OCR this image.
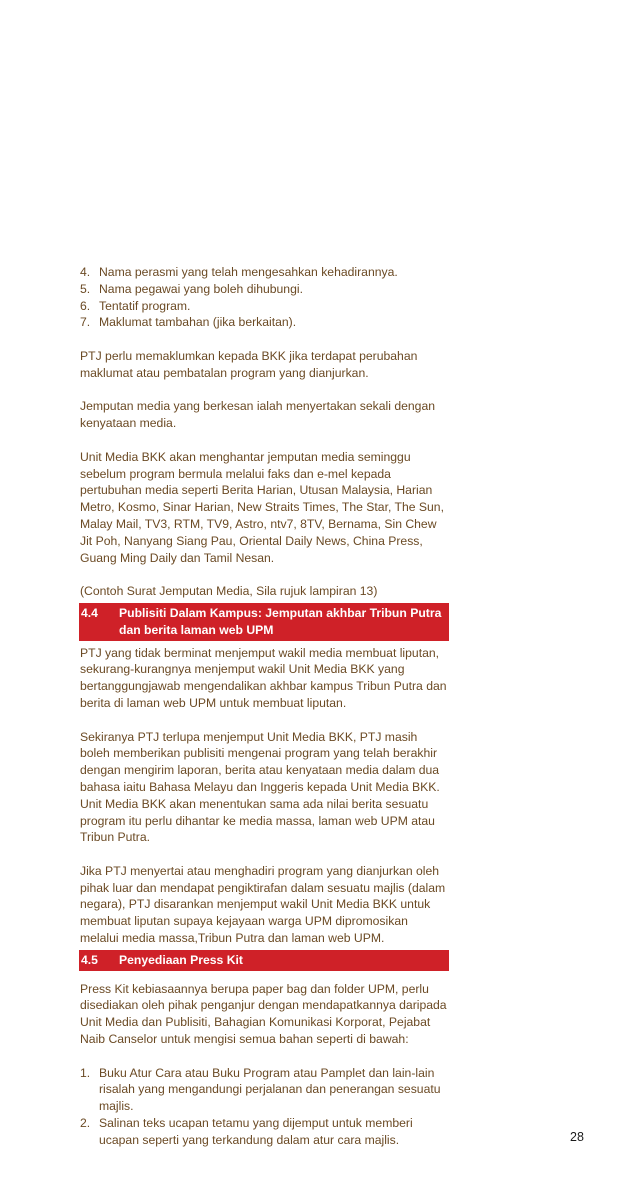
4. Nama perasmi yang telah mengesahkan kehadirannya.
5. Nama pegawai yang boleh dihubungi.
6. Tentatif program.
7. Maklumat tambahan (jika berkaitan).

PTJ perlu memaklumkan kepada BKK jika terdapat perubahan maklumat atau pembatalan program yang dianjurkan.

Jemputan media yang berkesan ialah menyertakan sekali dengan kenyataan media.

Unit Media BKK akan menghantar jemputan media seminggu sebelum program bermula melalui faks dan e-mel kepada pertubuhan media seperti Berita Harian, Utusan Malaysia, Harian Metro, Kosmo, Sinar Harian, New Straits Times, The Star, The Sun, Malay Mail, TV3, RTM, TV9, Astro, ntv7, 8TV, Bernama, Sin Chew Jit Poh, Nanyang Siang Pau, Oriental Daily News, China Press, Guang Ming Daily dan Tamil Nesan.

(Contoh Surat Jemputan Media, Sila rujuk lampiran 13)

4.4 Publisiti Dalam Kampus: Jemputan akhbar Tribun Putra dan berita laman web UPM

PTJ yang tidak berminat menjemput wakil media membuat liputan, sekurang-kurangnya menjemput wakil Unit Media BKK yang bertanggungjawab mengendalikan akhbar kampus Tribun Putra dan berita di laman web UPM untuk membuat liputan.

Sekiranya PTJ terlupa menjemput Unit Media BKK, PTJ masih boleh memberikan publisiti mengenai program yang telah berakhir dengan mengirim laporan, berita atau kenyataan media dalam dua bahasa iaitu Bahasa Melayu dan Inggeris kepada Unit Media BKK. Unit Media BKK akan menentukan sama ada nilai berita sesuatu program itu perlu dihantar ke media massa, laman web UPM atau Tribun Putra.

Jika PTJ menyertai atau menghadiri program yang dianjurkan oleh pihak luar dan mendapat pengiktirafan dalam sesuatu majlis (dalam negara), PTJ disarankan menjemput wakil Unit Media BKK untuk membuat liputan supaya kejayaan warga UPM dipromosikan melalui media massa,Tribun Putra dan laman web UPM.

4.5 Penyediaan Press Kit

Press Kit kebiasaannya berupa paper bag dan folder UPM, perlu disediakan oleh pihak penganjur dengan mendapatkannya daripada Unit Media dan Publisiti, Bahagian Komunikasi Korporat, Pejabat Naib Canselor untuk mengisi semua bahan seperti di bawah:

1. Buku Atur Cara atau Buku Program atau Pamplet dan lain-lain risalah yang mengandungi perjalanan dan penerangan sesuatu majlis.
2. Salinan teks ucapan tetamu yang dijemput untuk memberi ucapan seperti yang terkandung dalam atur cara majlis.	28
